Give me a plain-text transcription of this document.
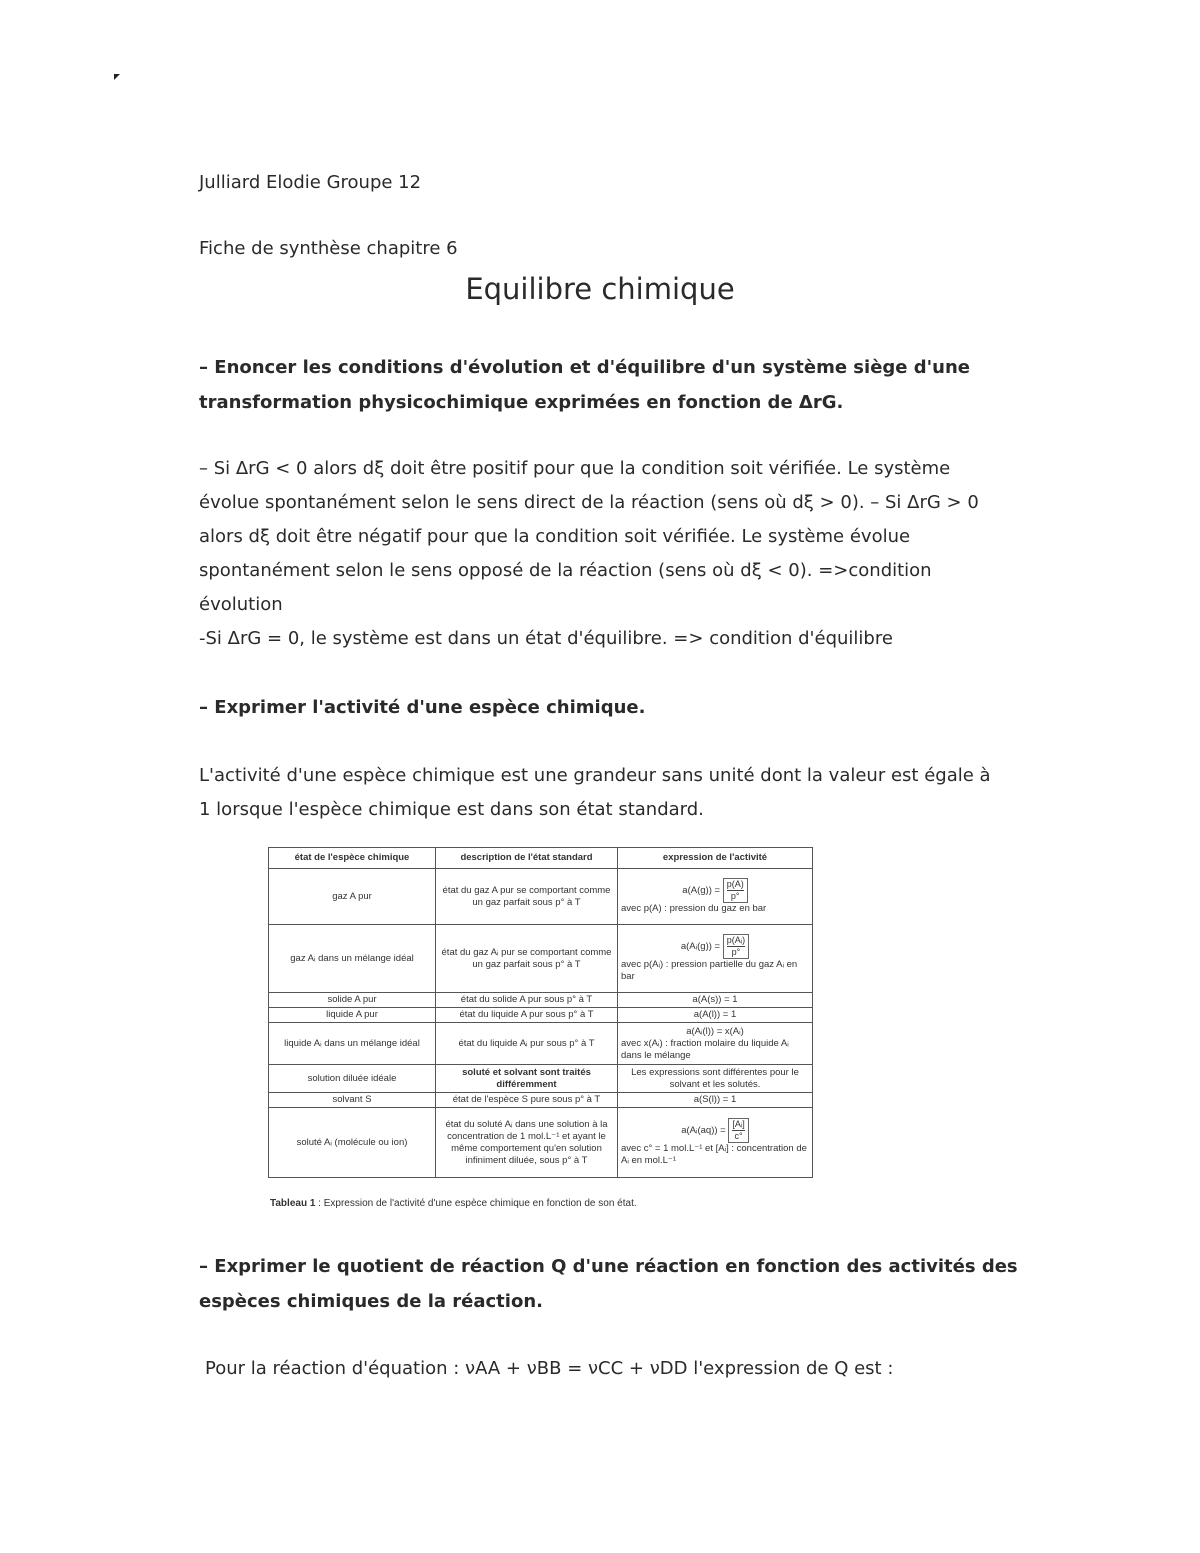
Julliard Elodie Groupe 12
Fiche de synthèse chapitre 6
Equilibre chimique
– Enoncer les conditions d'évolution et d'équilibre d'un système siège d'une
transformation physicochimique exprimées en fonction de ΔrG.
– Si ΔrG < 0 alors dξ doit être positif pour que la condition soit vérifiée. Le système
évolue spontanément selon le sens direct de la réaction (sens où dξ > 0). – Si ΔrG > 0
alors dξ doit être négatif pour que la condition soit vérifiée. Le système évolue
spontanément selon le sens opposé de la réaction (sens où dξ < 0). =>condition
évolution
-Si ΔrG = 0, le système est dans un état d'équilibre. => condition d'équilibre
– Exprimer l'activité d'une espèce chimique.
L'activité d'une espèce chimique est une grandeur sans unité dont la valeur est égale à
1 lorsque l'espèce chimique est dans son état standard.
état de l'espèce chimique	description de l'état standard	expression de l'activité
gaz A pur	état du gaz A pur se comportant comme un gaz parfait sous p° à T	$a(A(g)) = \frac{p(A)}{p^\circ}$
avec p(A) : pression du gaz en bar
gaz Aᵢ dans un mélange idéal	état du gaz Aᵢ pur se comportant comme un gaz parfait sous p° à T	a(Aᵢ(g)) = $\frac{\text{p(Aᵢ)}}{p^\circ}$
avec p(Aᵢ) : pression partielle du gaz Aᵢ en bar
solide A pur	état du solide A pur sous p° à T	a(A(s)) = 1
liquide A pur	état du liquide A pur sous p° à T	a(A(l)) = 1
liquide Aᵢ dans un mélange idéal	état du liquide Aᵢ pur sous p° à T	a(Aᵢ(l)) = x(Aᵢ)
avec x(Aᵢ) : fraction molaire du liquide Aᵢ dans le mélange
solution diluée idéale	soluté et solvant sont traités différemment	Les expressions sont différentes pour le solvant et les solutés.
solvant S	état de l'espèce S pure sous p° à T	a(S(l)) = 1
soluté Aᵢ (molécule ou ion)	état du soluté Aᵢ dans une solution à la concentration de 1 mol.L⁻¹ et ayant le même comportement qu'en solution infiniment diluée, sous p° à T	a(Aᵢ(aq)) = $\frac{\text{[Aᵢ]}}{c^\circ}$
avec c° = 1 mol.L⁻¹ et [Aᵢ] : concentration de Aᵢ en mol.L⁻¹
Tableau 1 : Expression de l'activité d'une espèce chimique en fonction de son état.
– Exprimer le quotient de réaction Q d'une réaction en fonction des activités des
espèces chimiques de la réaction.
Pour la réaction d'équation : νAA + νBB = νCC + νDD l'expression de Q est :
